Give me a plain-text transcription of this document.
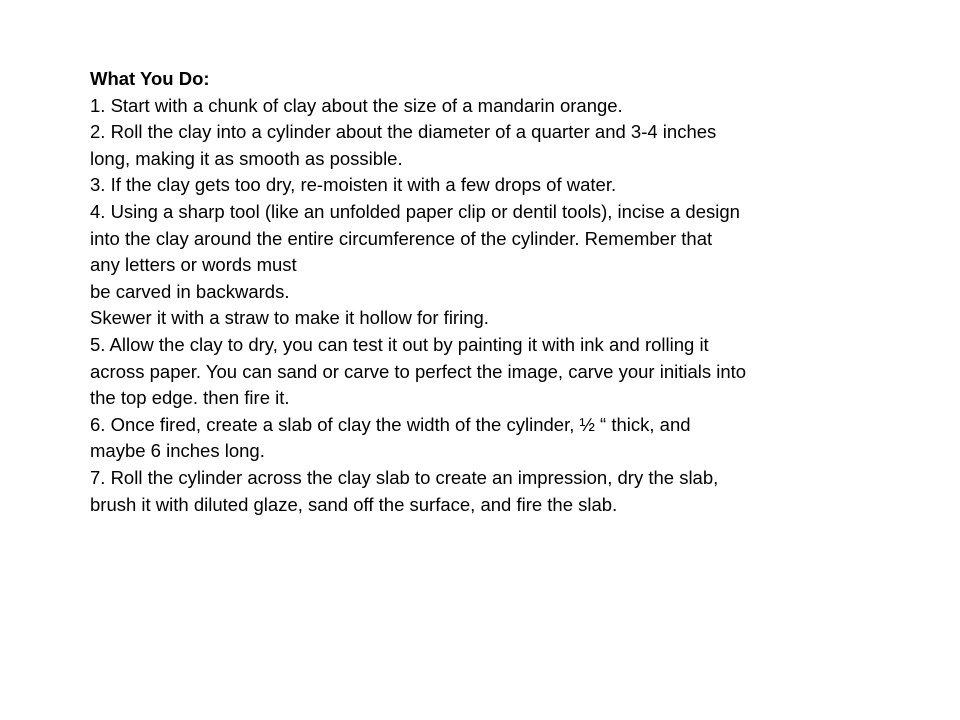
What You Do:
1. Start with a chunk of clay about the size of a mandarin orange.
2. Roll the clay into a cylinder about the diameter of a quarter and 3-4 inches
long, making it as smooth as possible.
3. If the clay gets too dry, re-moisten it with a few drops of water.
4. Using a sharp tool (like an unfolded paper clip or dentil tools), incise a design
into the clay around the entire circumference of the cylinder. Remember that
any letters or words must
be carved in backwards.
Skewer it with a straw to make it hollow for firing.
5. Allow the clay to dry, you can test it out by painting it with ink and rolling it
across paper. You can sand or carve to perfect the image, carve your initials into
the top edge. then fire it.
6. Once fired, create a slab of clay the width of the cylinder, ½ “ thick, and
maybe 6 inches long.
7. Roll the cylinder across the clay slab to create an impression, dry the slab,
brush it with diluted glaze, sand off the surface, and fire the slab.
